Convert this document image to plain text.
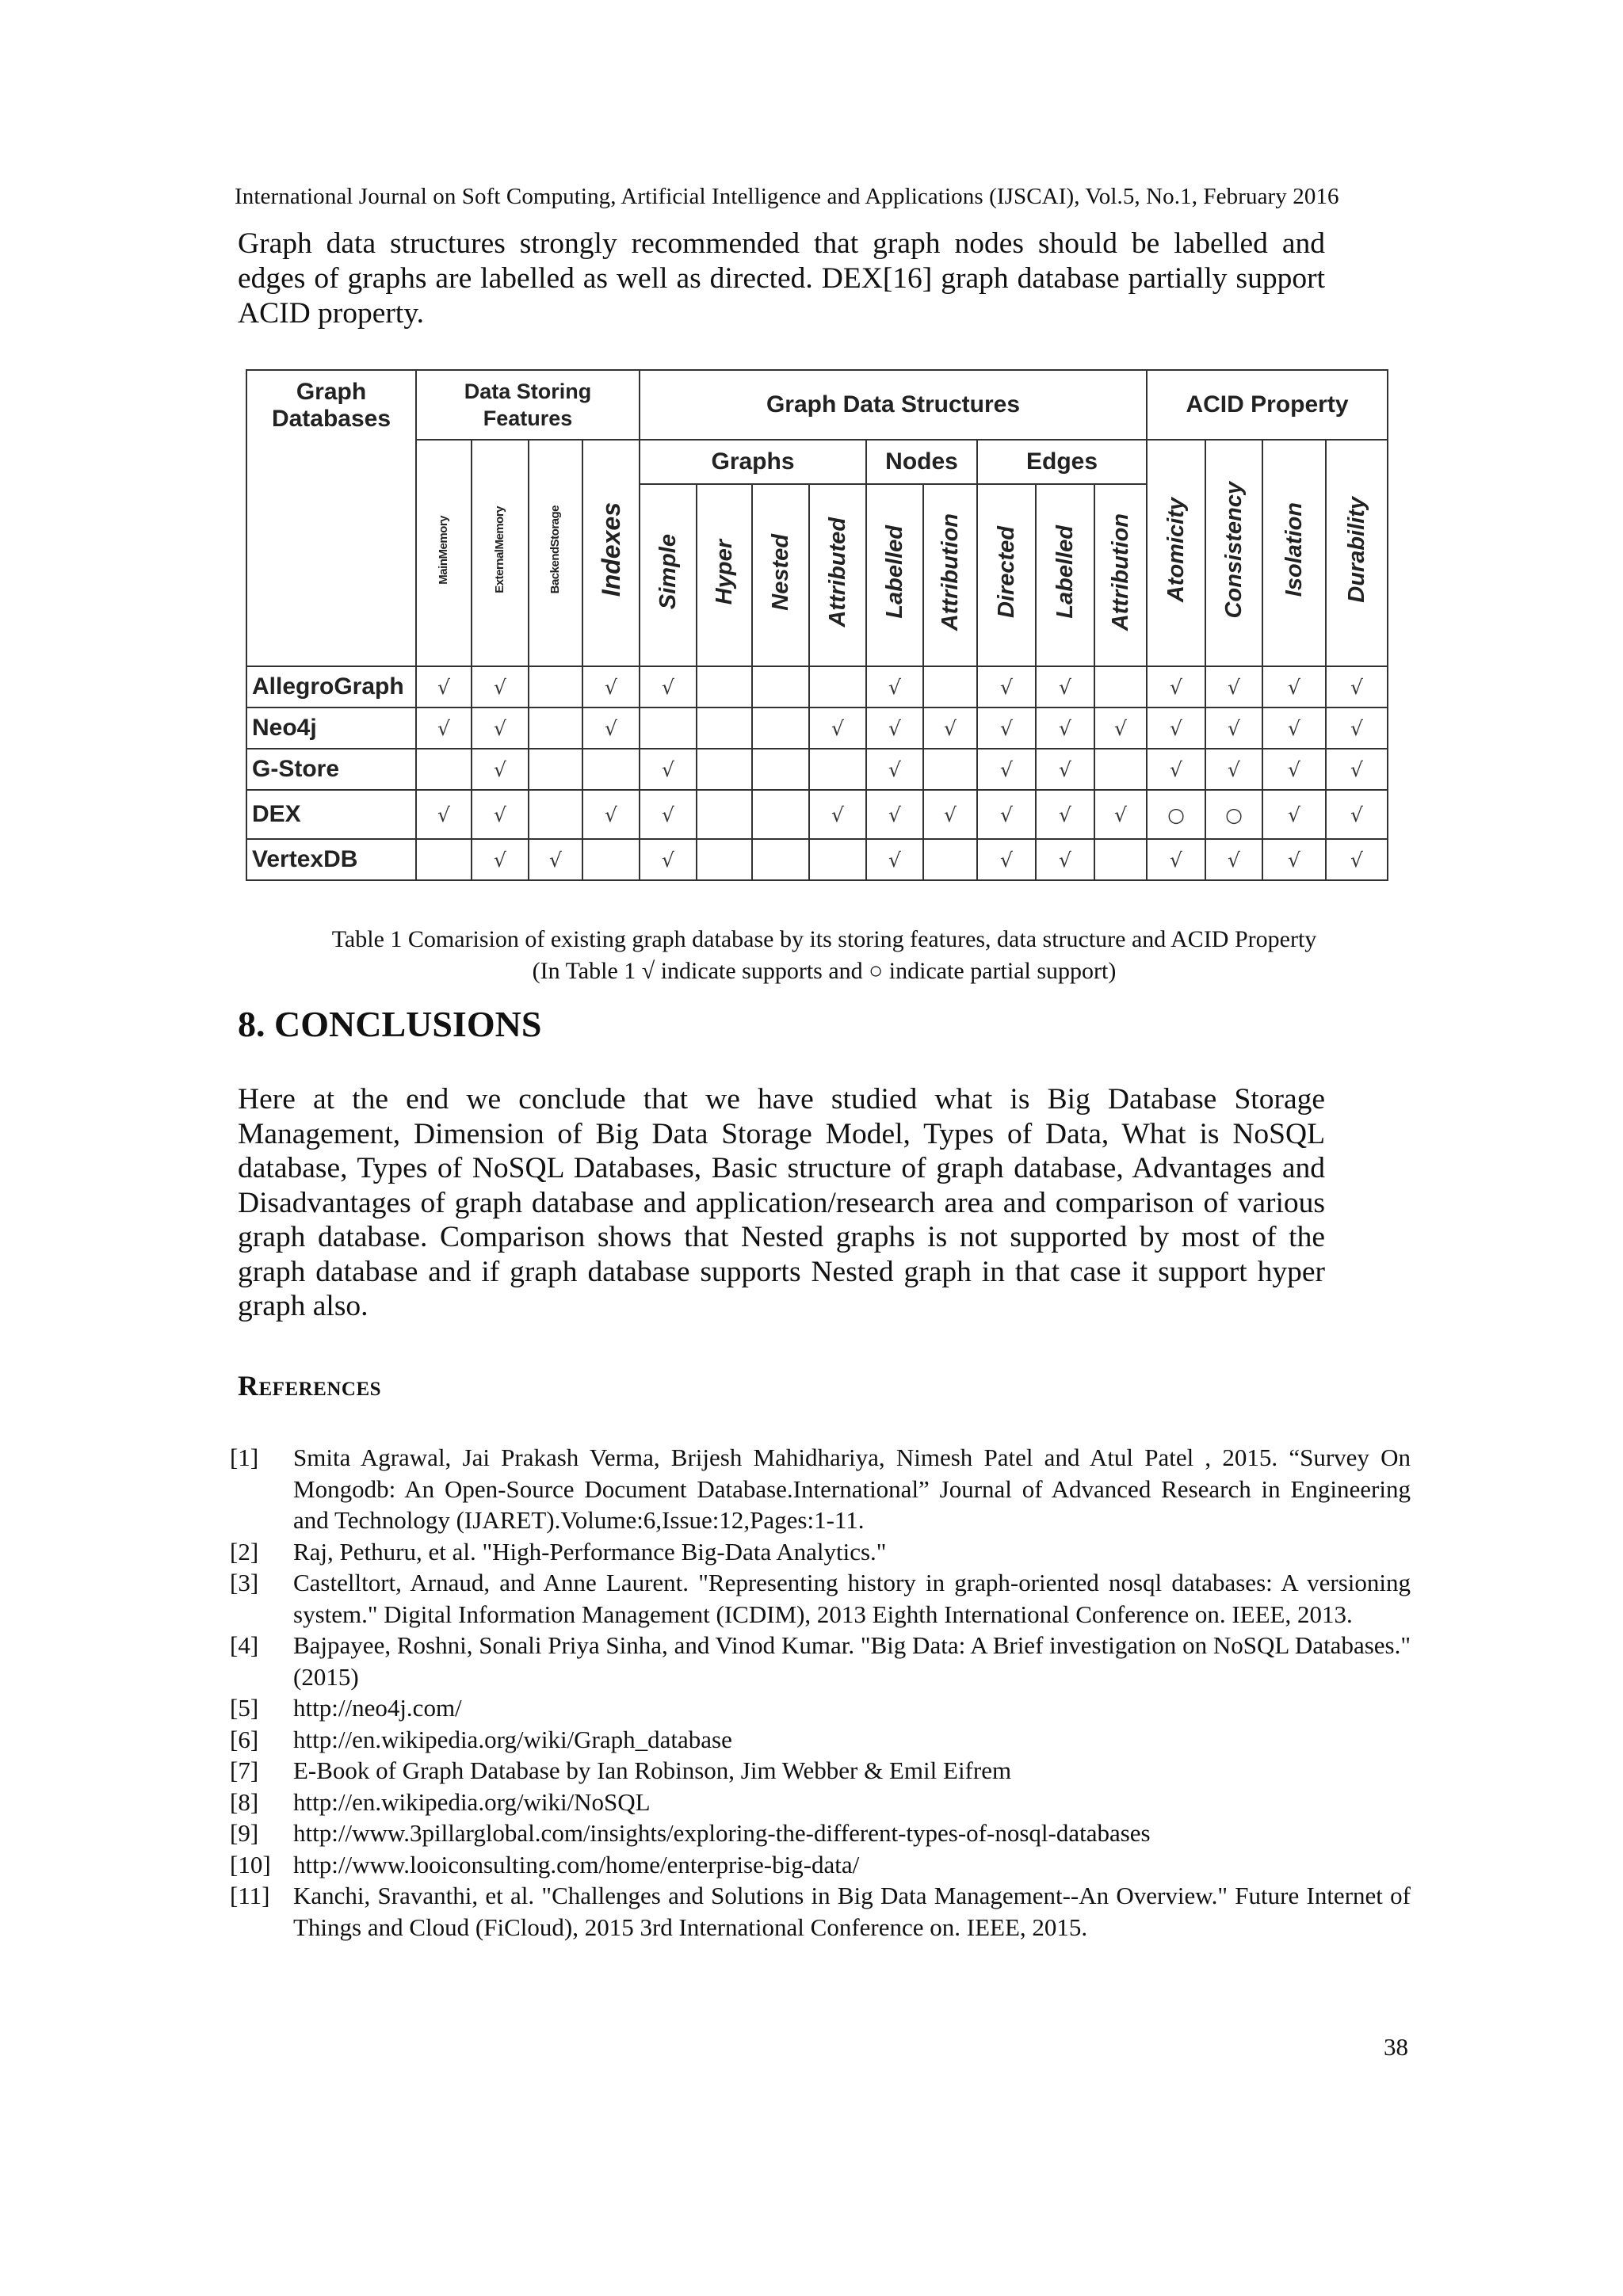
International Journal on Soft Computing, Artificial Intelligence and Applications (IJSCAI), Vol.5, No.1, February 2016

Graph data structures strongly recommended that graph nodes should be labelled and edges of graphs are labelled as well as directed. DEX[16] graph database partially support ACID property.

Graph Databases	Data Storing Features				Graph Data Structures									ACID Property			
	MainMemory	ExternalMemory	BackendStorage	Indexes	Graphs				Nodes		Edges			Atomicity	Consistency	Isolation	Durability
					Simple	Hyper	Nested	Attributed	Labelled	Attribution	Directed	Labelled	Attribution				
AllegroGraph	√	√		√	√				√		√	√		√	√	√	√
Neo4j	√	√		√				√	√	√	√	√	√	√	√	√	√
G-Store		√			√				√		√	√		√	√	√	√
DEX	√	√		√	√			√	√	√	√	√	√	○	○	√	√
VertexDB		√	√		√				√		√	√		√	√	√	√

Table 1 Comarision of existing graph database by its storing features, data structure and ACID Property

(In Table 1 √ indicate supports and ○ indicate partial support)

8. CONCLUSIONS

Here at the end we conclude that we have studied what is Big Database Storage Management, Dimension of Big Data Storage Model, Types of Data, What is NoSQL database, Types of NoSQL Databases, Basic structure of graph database, Advantages and Disadvantages of graph database and application/research area and comparison of various graph database. Comparison shows that Nested graphs is not supported by most of the graph database and if graph database supports Nested graph in that case it support hyper graph also.

References
[1]	Smita Agrawal, Jai Prakash Verma, Brijesh Mahidhariya, Nimesh Patel and Atul Patel , 2015. “Survey On Mongodb: An Open-Source Document Database.International” Journal of Advanced Research in Engineering and Technology (IJARET).Volume:6,Issue:12,Pages:1-11.
[2]	Raj, Pethuru, et al. "High-Performance Big-Data Analytics."
[3]	Castelltort, Arnaud, and Anne Laurent. "Representing history in graph-oriented nosql databases: A versioning system." Digital Information Management (ICDIM), 2013 Eighth International Conference on. IEEE, 2013.
[4]	Bajpayee, Roshni, Sonali Priya Sinha, and Vinod Kumar. "Big Data: A Brief investigation on NoSQL Databases." (2015)
[5]	http://neo4j.com/
[6]	http://en.wikipedia.org/wiki/Graph_database
[7]	E-Book of Graph Database by Ian Robinson, Jim Webber & Emil Eifrem
[8]	http://en.wikipedia.org/wiki/NoSQL
[9]	http://www.3pillarglobal.com/insights/exploring-the-different-types-of-nosql-databases
[10] http://www.looiconsulting.com/home/enterprise-big-data/
[11] Kanchi, Sravanthi, et al. "Challenges and Solutions in Big Data Management--An Overview." Future Internet of Things and Cloud (FiCloud), 2015 3rd International Conference on. IEEE, 2015.
38
